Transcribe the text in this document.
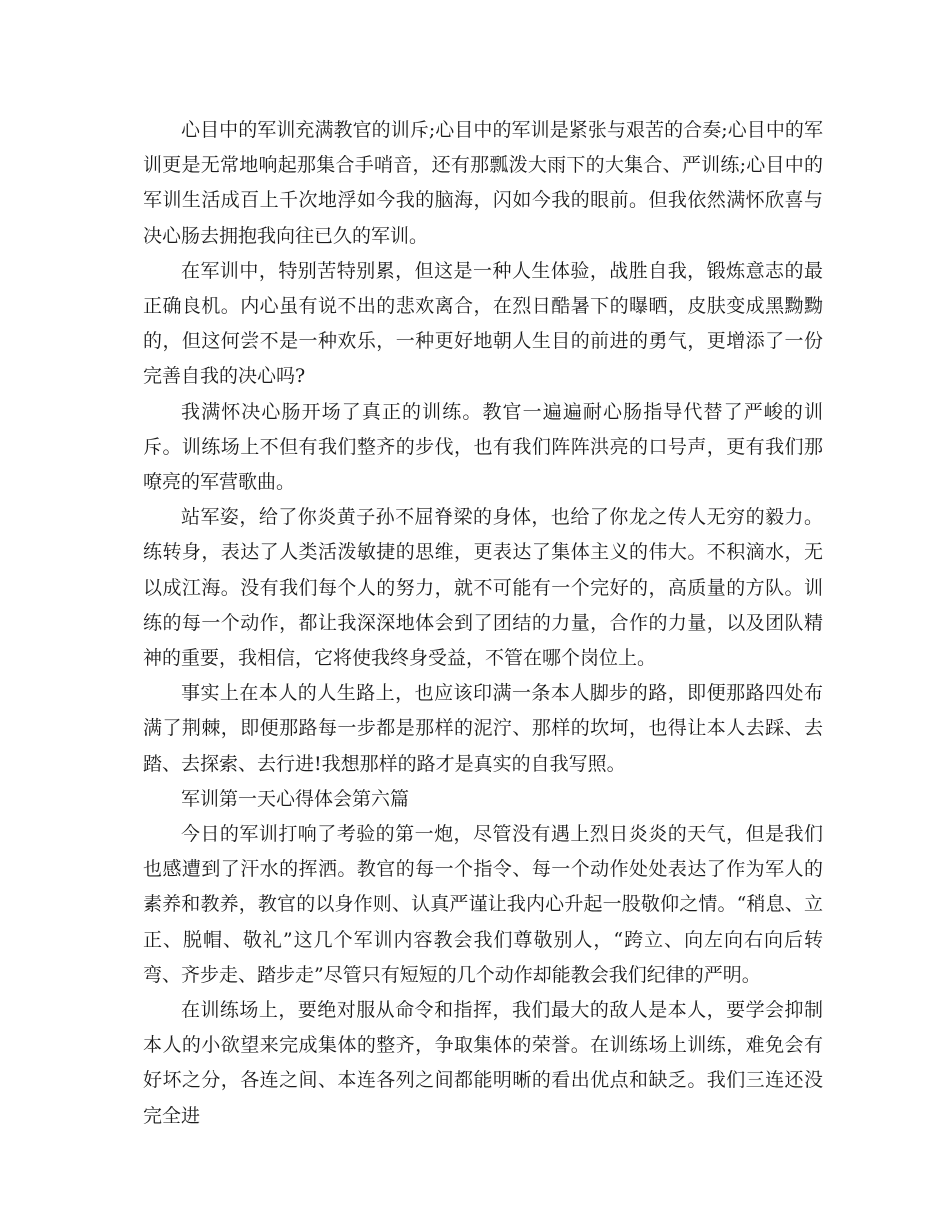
心目中的军训充满教官的训斥;心目中的军训是紧张与艰苦的合奏;心目中的军训更是无常地响起那集合手哨音，还有那瓢泼大雨下的大集合、严训练;心目中的军训生活成百上千次地浮如今我的脑海，闪如今我的眼前。但我依然满怀欣喜与决心肠去拥抱我向往已久的军训。

在军训中，特别苦特别累，但这是一种人生体验，战胜自我，锻炼意志的最正确良机。内心虽有说不出的悲欢离合，在烈日酷暑下的曝晒，皮肤变成黑黝黝的，但这何尝不是一种欢乐，一种更好地朝人生目的前进的勇气，更增添了一份完善自我的决心吗?

我满怀决心肠开场了真正的训练。教官一遍遍耐心肠指导代替了严峻的训斥。训练场上不但有我们整齐的步伐，也有我们阵阵洪亮的口号声，更有我们那嘹亮的军营歌曲。

站军姿，给了你炎黄子孙不屈脊梁的身体，也给了你龙之传人无穷的毅力。练转身，表达了人类活泼敏捷的思维，更表达了集体主义的伟大。不积滴水，无以成江海。没有我们每个人的努力，就不可能有一个完好的，高质量的方队。训练的每一个动作，都让我深深地体会到了团结的力量，合作的力量，以及团队精神的重要，我相信，它将使我终身受益，不管在哪个岗位上。

事实上在本人的人生路上，也应该印满一条本人脚步的路，即便那路四处布满了荆棘，即便那路每一步都是那样的泥泞、那样的坎坷，也得让本人去踩、去踏、去探索、去行进!我想那样的路才是真实的自我写照。

军训第一天心得体会第六篇

今日的军训打响了考验的第一炮，尽管没有遇上烈日炎炎的天气，但是我们也感遭到了汗水的挥洒。教官的每一个指令、每一个动作处处表达了作为军人的素养和教养，教官的以身作则、认真严谨让我内心升起一股敬仰之情。“稍息、立正、脱帽、敬礼”这几个军训内容教会我们尊敬别人，“跨立、向左向右向后转弯、齐步走、踏步走”尽管只有短短的几个动作却能教会我们纪律的严明。

在训练场上，要绝对服从命令和指挥，我们最大的敌人是本人，要学会抑制本人的小欲望来完成集体的整齐，争取集体的荣誉。在训练场上训练，难免会有好坏之分，各连之间、本连各列之间都能明晰的看出优点和缺乏。我们三连还没完全进
